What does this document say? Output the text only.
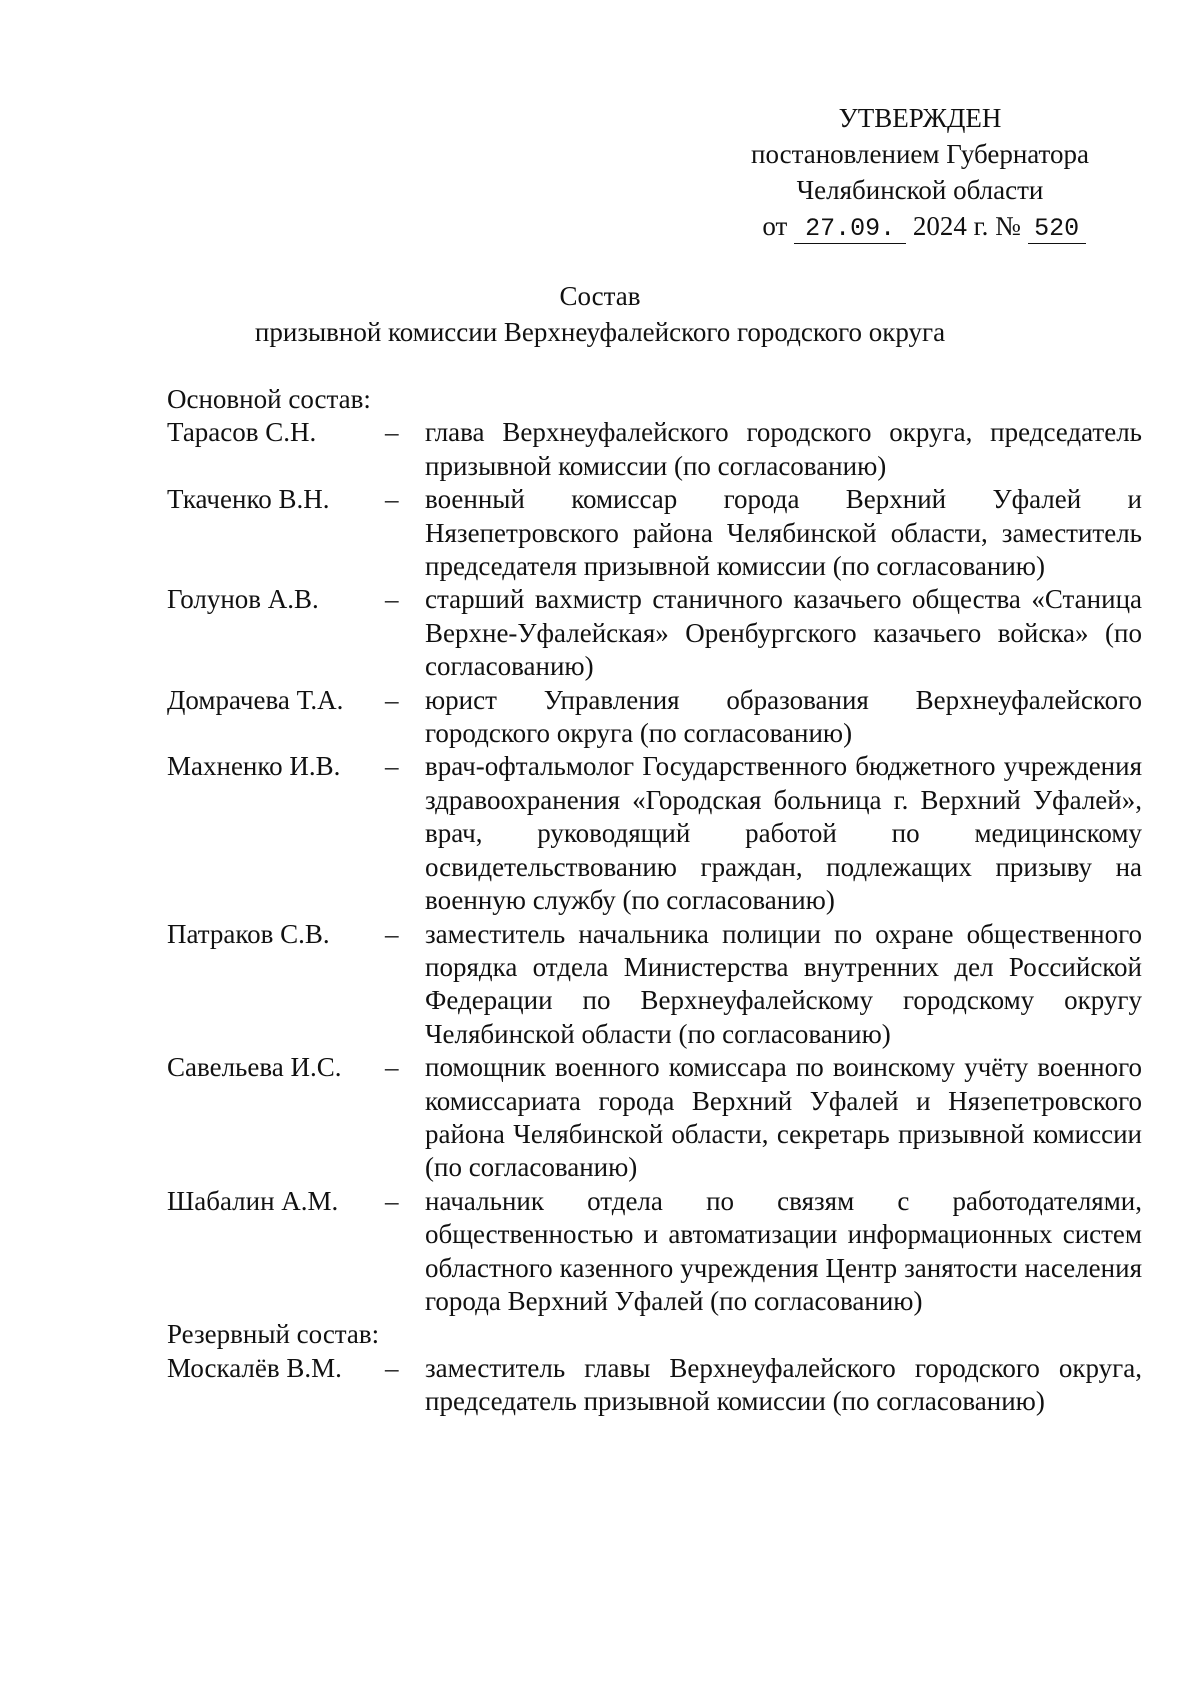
УТВЕРЖДЕН
постановлением Губернатора
Челябинской области
от 27.09. 2024 г. № 520
Состав
призывной комиссии Верхнеуфалейского городского округа
Основной состав:
Тарасов С.Н.	– глава Верхнеуфалейского городского округа, председатель призывной комиссии (по согласованию)
Ткаченко В.Н.	– военный комиссар города Верхний Уфалей и Нязепетровского района Челябинской области, заместитель председателя призывной комиссии (по согласованию)
Голунов А.В.	– старший вахмистр станичного казачьего общества «Станица Верхне-Уфалейская» Оренбургского казачьего войска» (по согласованию)
Домрачева Т.А.	– юрист Управления образования Верхнеуфалейского городского округа (по согласованию)
Махненко И.В.	– врач-офтальмолог Государственного бюджетного учреждения здравоохранения «Городская больница г. Верхний Уфалей», врач, руководящий работой по медицинскому освидетельствованию граждан, подлежащих призыву на военную службу (по согласованию)
Патраков С.В.	– заместитель начальника полиции по охране общественного порядка отдела Министерства внутренних дел Российской Федерации по Верхнеуфалейскому городскому округу Челябинской области (по согласованию)
Савельева И.С.	– помощник военного комиссара по воинскому учёту военного комиссариата города Верхний Уфалей и Нязепетровского района Челябинской области, секретарь призывной комиссии (по согласованию)
Шабалин А.М.	– начальник отдела по связям с работодателями, общественностью и автоматизации информационных систем областного казенного учреждения Центр занятости населения города Верхний Уфалей (по согласованию)
Резервный состав:
Москалёв В.М.	– заместитель главы Верхнеуфалейского городского округа, председатель призывной комиссии (по согласованию)
